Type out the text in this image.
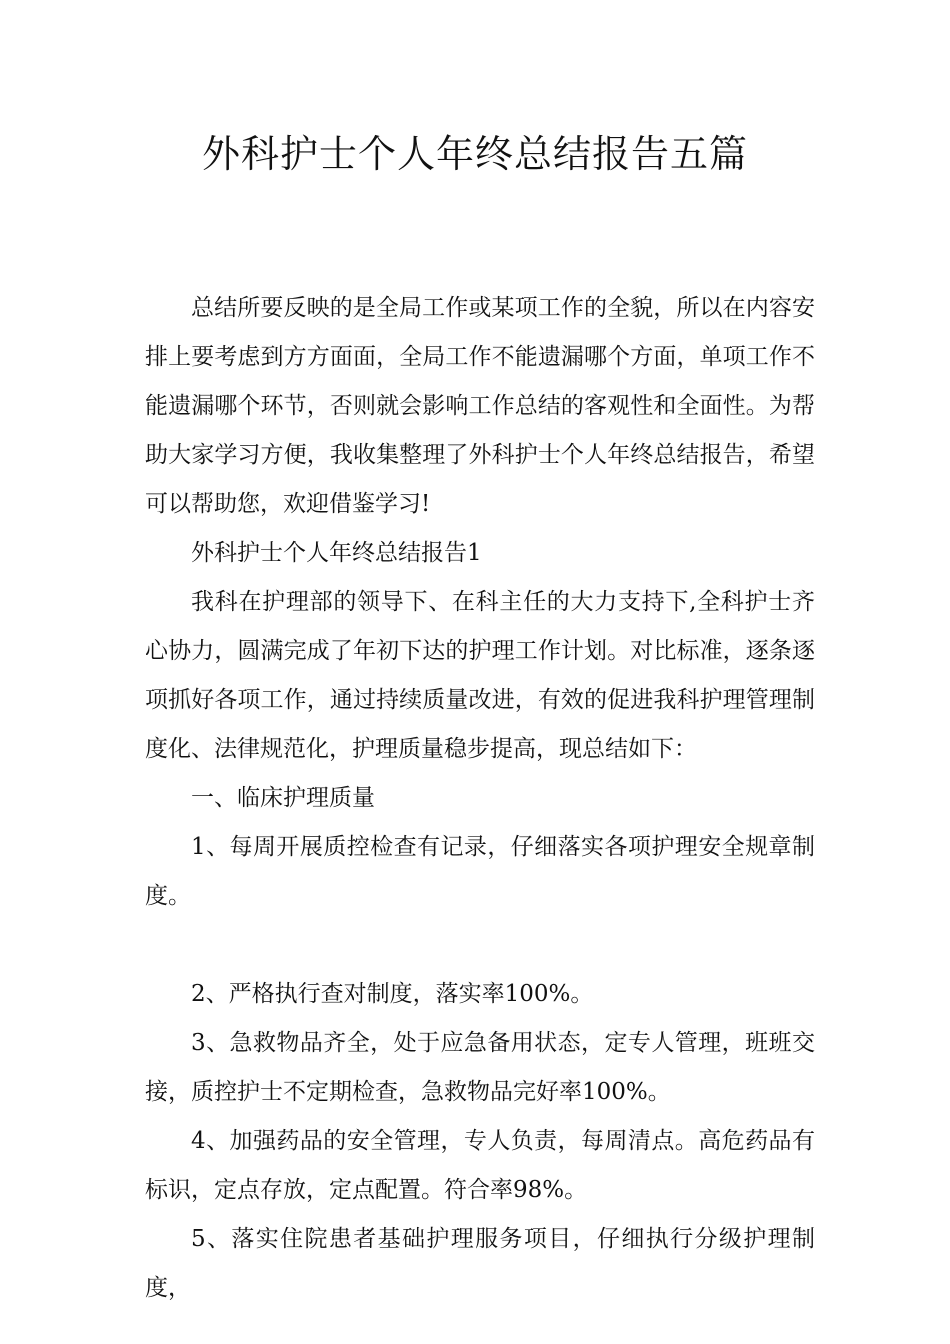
外科护士个人年终总结报告五篇

总结所要反映的是全局工作或某项工作的全貌，所以在内容安排上要考虑到方方面面，全局工作不能遗漏哪个方面，单项工作不能遗漏哪个环节，否则就会影响工作总结的客观性和全面性。为帮助大家学习方便，我收集整理了外科护士个人年终总结报告，希望可以帮助您，欢迎借鉴学习!

外科护士个人年终总结报告1

我科在护理部的领导下、在科主任的大力支持下,全科护士齐心协力，圆满完成了年初下达的护理工作计划。对比标准，逐条逐项抓好各项工作，通过持续质量改进，有效的促进我科护理管理制度化、法律规范化，护理质量稳步提高，现总结如下：

一、临床护理质量

1、每周开展质控检查有记录，仔细落实各项护理安全规章制度。

2、严格执行查对制度，落实率100%。

3、急救物品齐全，处于应急备用状态，定专人管理，班班交接，质控护士不定期检查，急救物品完好率100%。

4、加强药品的安全管理，专人负责，每周清点。高危药品有标识，定点存放，定点配置。符合率98%。

5、落实住院患者基础护理服务项目，仔细执行分级护理制度，
